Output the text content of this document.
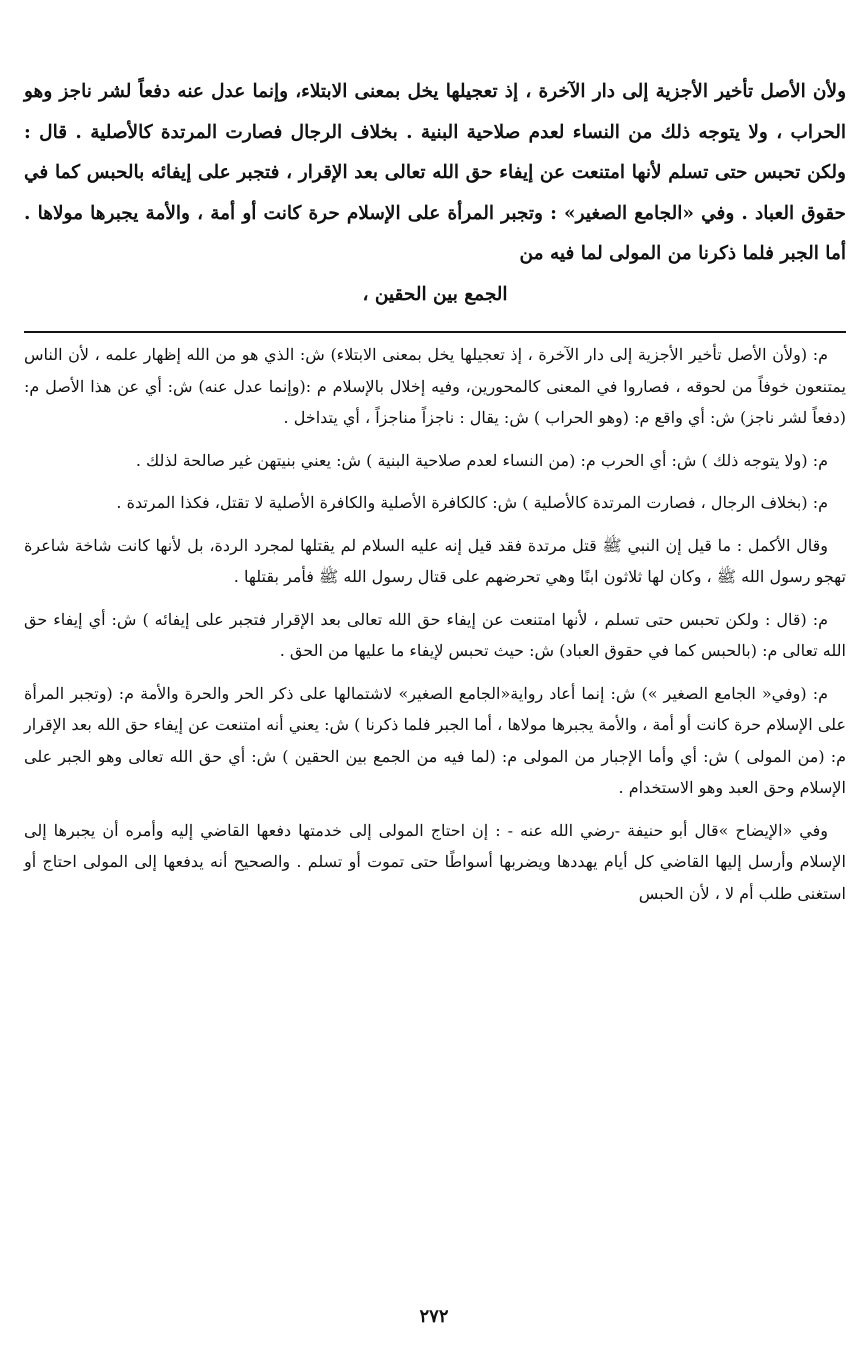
ولأن الأصل تأخير الأجزية إلى دار الآخرة ، إذ تعجيلها يخل بمعنى الابتلاء، وإنما عدل عنه دفعاً لشر ناجز وهو الحراب ، ولا يتوجه ذلك من النساء لعدم صلاحية البنية . بخلاف الرجال فصارت المرتدة كالأصلية . قال : ولكن تحبس حتى تسلم لأنها امتنعت عن إيفاء حق الله تعالى بعد الإقرار ، فتجبر على إيفائه بالحبس كما في حقوق العباد . وفي «الجامع الصغير» : وتجبر المرأة على الإسلام حرة كانت أو أمة ، والأمة يجبرها مولاها . أما الجبر فلما ذكرنا من المولى لما فيه من

الجمع بين الحقين ،

م: (ولأن الأصل تأخير الأجزية إلى دار الآخرة ، إذ تعجيلها يخل بمعنى الابتلاء) ش: الذي هو من الله إظهار علمه ، لأن الناس يمتنعون خوفاً من لحوقه ، فصاروا في المعنى كالمحورين، وفيه إخلال بالإسلام م :(وإنما عدل عنه) ش: أي عن هذا الأصل م: (دفعاً لشر ناجز) ش: أي واقع م: (وهو الحراب ) ش: يقال : ناجزاً مناجزاً ، أي يتداخل .

م: (ولا يتوجه ذلك ) ش: أي الحرب م: (من النساء لعدم صلاحية البنية ) ش: يعني بنيتهن غير صالحة لذلك .

م: (بخلاف الرجال ، فصارت المرتدة كالأصلية ) ش: كالكافرة الأصلية والكافرة الأصلية لا تقتل، فكذا المرتدة .

وقال الأكمل : ما قيل إن النبي ﷺ قتل مرتدة فقد قيل إنه عليه السلام لم يقتلها لمجرد الردة، بل لأنها كانت شاخة شاعرة تهجو رسول الله ﷺ ، وكان لها ثلاثون ابنًا وهي تحرضهم على قتال رسول الله ﷺ فأمر بقتلها .

م: (قال : ولكن تحبس حتى تسلم ، لأنها امتنعت عن إيفاء حق الله تعالى بعد الإقرار فتجبر على إيفائه ) ش: أي إيفاء حق الله تعالى م: (بالحبس كما في حقوق العباد) ش: حيث تحبس لإيفاء ما عليها من الحق .

م: (وفي« الجامع الصغير ») ش: إنما أعاد رواية«الجامع الصغير» لاشتمالها على ذكر الحر والحرة والأمة م: (وتجبر المرأة على الإسلام حرة كانت أو أمة ، والأمة يجبرها مولاها ، أما الجبر فلما ذكرنا ) ش: يعني أنه امتنعت عن إيفاء حق الله بعد الإقرار م: (من المولى ) ش: أي وأما الإجبار من المولى م: (لما فيه من الجمع بين الحقين ) ش: أي حق الله تعالى وهو الجبر على الإسلام وحق العبد وهو الاستخدام .

وفي «الإيضاح »قال أبو حنيفة -رضي الله عنه - : إن احتاج المولى إلى خدمتها دفعها القاضي إليه وأمره أن يجبرها إلى الإسلام وأرسل إليها القاضي كل أيام يهددها ويضربها أسواطًا حتى تموت أو تسلم . والصحيح أنه يدفعها إلى المولى احتاج أو استغنى طلب أم لا ، لأن الحبس

٢٧٢
